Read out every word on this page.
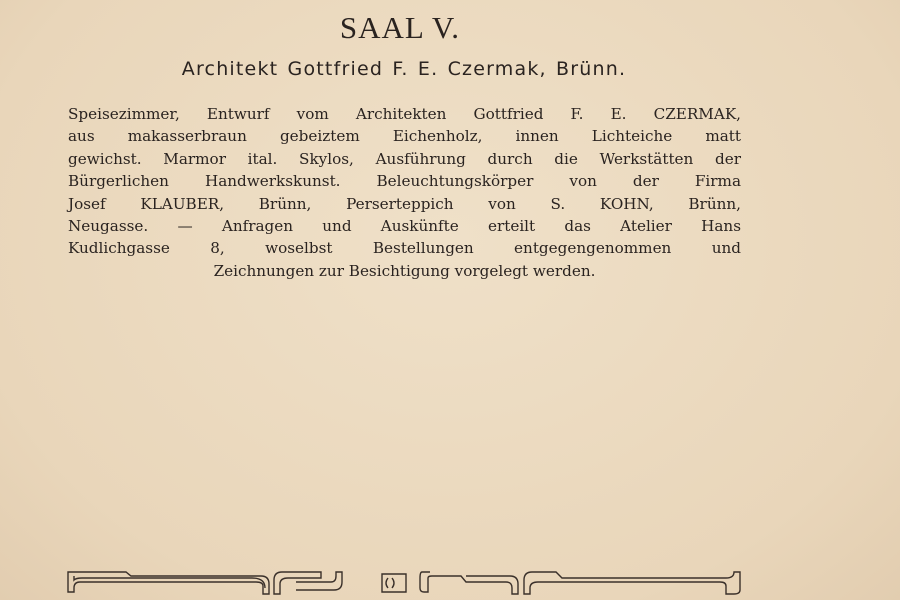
SAAL V.
Architekt Gottfried F. E. Czermak, Brünn.
Speisezimmer, Entwurf vom Architekten Gottfried F. E. CZERMAK,
aus makasserbraun gebeiztem Eichenholz, innen Lichteiche matt
gewichst. Marmor ital. Skylos, Ausführung durch die Werkstätten der
Bürgerlichen Handwerkskunst. Beleuchtungskörper von der Firma
Josef KLAUBER, Brünn, Perserteppich von S. KOHN, Brünn,
Neugasse. — Anfragen und Auskünfte erteilt das Atelier Hans
Kudlichgasse 8, woselbst Bestellungen entgegengenommen und
Zeichnungen zur Besichtigung vorgelegt werden.
